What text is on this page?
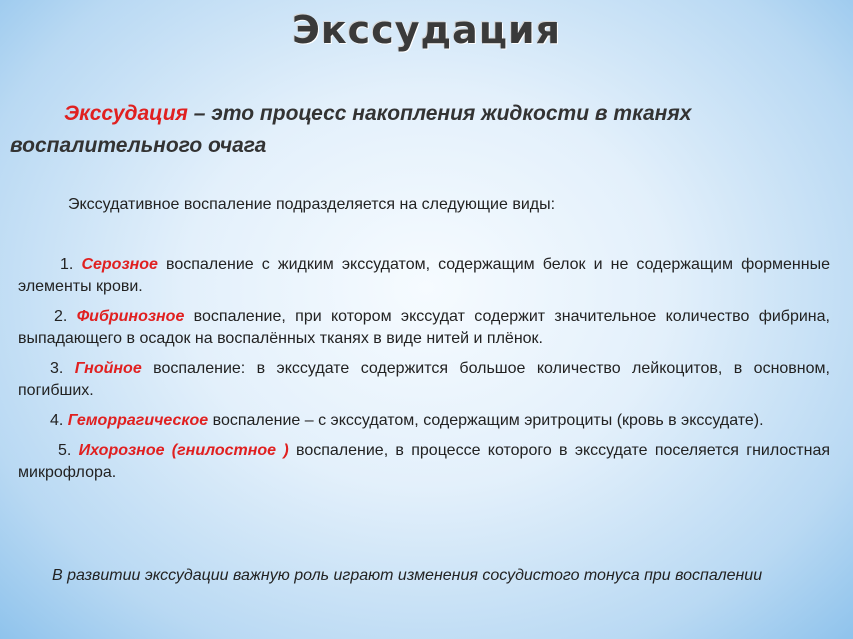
Экссудация
Экссудация – это процесс накопления жидкости в тканях воспалительного очага
Экссудативное воспаление подразделяется на следующие виды:
1. Серозное воспаление с жидким экссудатом, содержащим белок и не содержащим форменные элементы крови.
2. Фибринозное воспаление, при котором экссудат содержит значительное количество фибрина, выпадающего в осадок на воспалённых тканях в виде нитей и плёнок.
3. Гнойное воспаление: в экссудате содержится большое количество лейкоцитов, в основном, погибших.
4. Геморрагическое воспаление – с экссудатом, содержащим эритроциты (кровь в экссудате).
5. Ихорозное (гнилостное ) воспаление, в процессе которого в экссудате поселяется гнилостная микрофлора.
В развитии экссудации важную роль играют изменения сосудистого тонуса при воспалении
